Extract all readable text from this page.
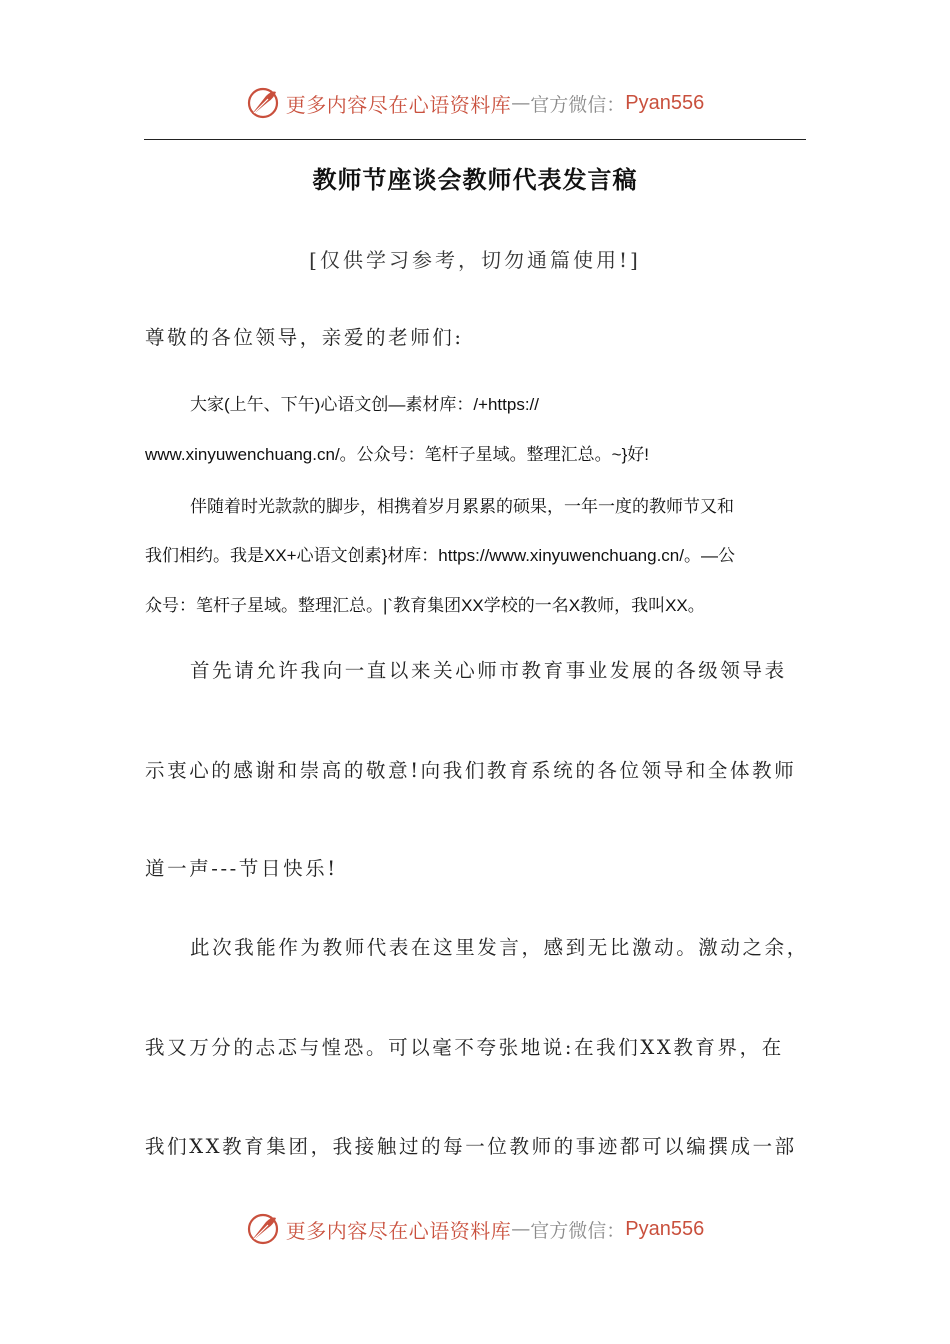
更多内容尽在心语资料库 — 官方微信： Pyan556
教师节座谈会教师代表发言稿
[仅供学习参考，切勿通篇使用!]
尊敬的各位领导，亲爱的老师们:
大家(上午、下午)心语文创—素材库：/+https://
www.xinyuwenchuang.cn/。公众号：笔杆子星域。整理汇总。~}好!
伴随着时光款款的脚步，相携着岁月累累的硕果，一年一度的教师节又和
我们相约。我是XX+心语文创素}材库：https://www.xinyuwenchuang.cn/。—公
众号：笔杆子星域。整理汇总。|`教育集团XX学校的一名X教师，我叫XX。
首先请允许我向一直以来关心师市教育事业发展的各级领导表
示衷心的感谢和崇高的敬意!向我们教育系统的各位领导和全体教师
道一声---节日快乐!
此次我能作为教师代表在这里发言，感到无比激动。激动之余，
我又万分的忐忑与惶恐。可以毫不夸张地说:在我们XX教育界，在
我们XX教育集团，我接触过的每一位教师的事迹都可以编撰成一部
更多内容尽在心语资料库 — 官方微信： Pyan556
